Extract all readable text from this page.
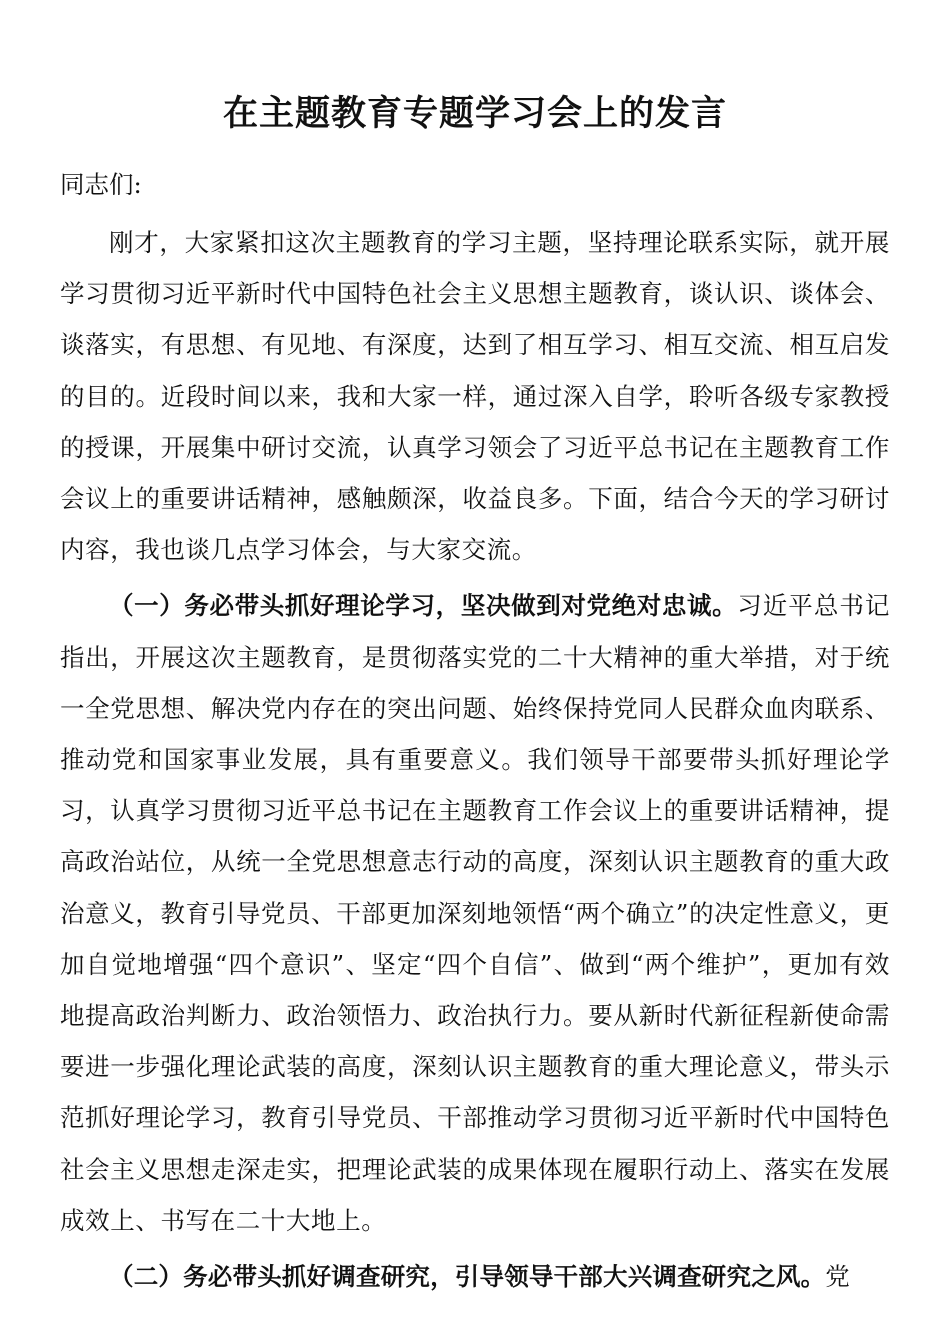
在主题教育专题学习会上的发言

同志们:

刚才，大家紧扣这次主题教育的学习主题，坚持理论联系实际，就开展学习贯彻习近平新时代中国特色社会主义思想主题教育，谈认识、谈体会、谈落实，有思想、有见地、有深度，达到了相互学习、相互交流、相互启发的目的。近段时间以来，我和大家一样，通过深入自学，聆听各级专家教授的授课，开展集中研讨交流，认真学习领会了习近平总书记在主题教育工作会议上的重要讲话精神，感触颇深，收益良多。下面，结合今天的学习研讨内容，我也谈几点学习体会，与大家交流。

（一）务必带头抓好理论学习，坚决做到对党绝对忠诚。习近平总书记指出，开展这次主题教育，是贯彻落实党的二十大精神的重大举措，对于统一全党思想、解决党内存在的突出问题、始终保持党同人民群众血肉联系、推动党和国家事业发展，具有重要意义。我们领导干部要带头抓好理论学习，认真学习贯彻习近平总书记在主题教育工作会议上的重要讲话精神，提高政治站位，从统一全党思想意志行动的高度，深刻认识主题教育的重大政治意义，教育引导党员、干部更加深刻地领悟“两个确立”的决定性意义，更加自觉地增强“四个意识”、坚定“四个自信”、做到“两个维护”，更加有效地提高政治判断力、政治领悟力、政治执行力。要从新时代新征程新使命需要进一步强化理论武装的高度，深刻认识主题教育的重大理论意义，带头示范抓好理论学习，教育引导党员、干部推动学习贯彻习近平新时代中国特色社会主义思想走深走实，把理论武装的成果体现在履职行动上、落实在发展成效上、书写在二十大地上。

（二）务必带头抓好调查研究，引导领导干部大兴调查研究之风。党
